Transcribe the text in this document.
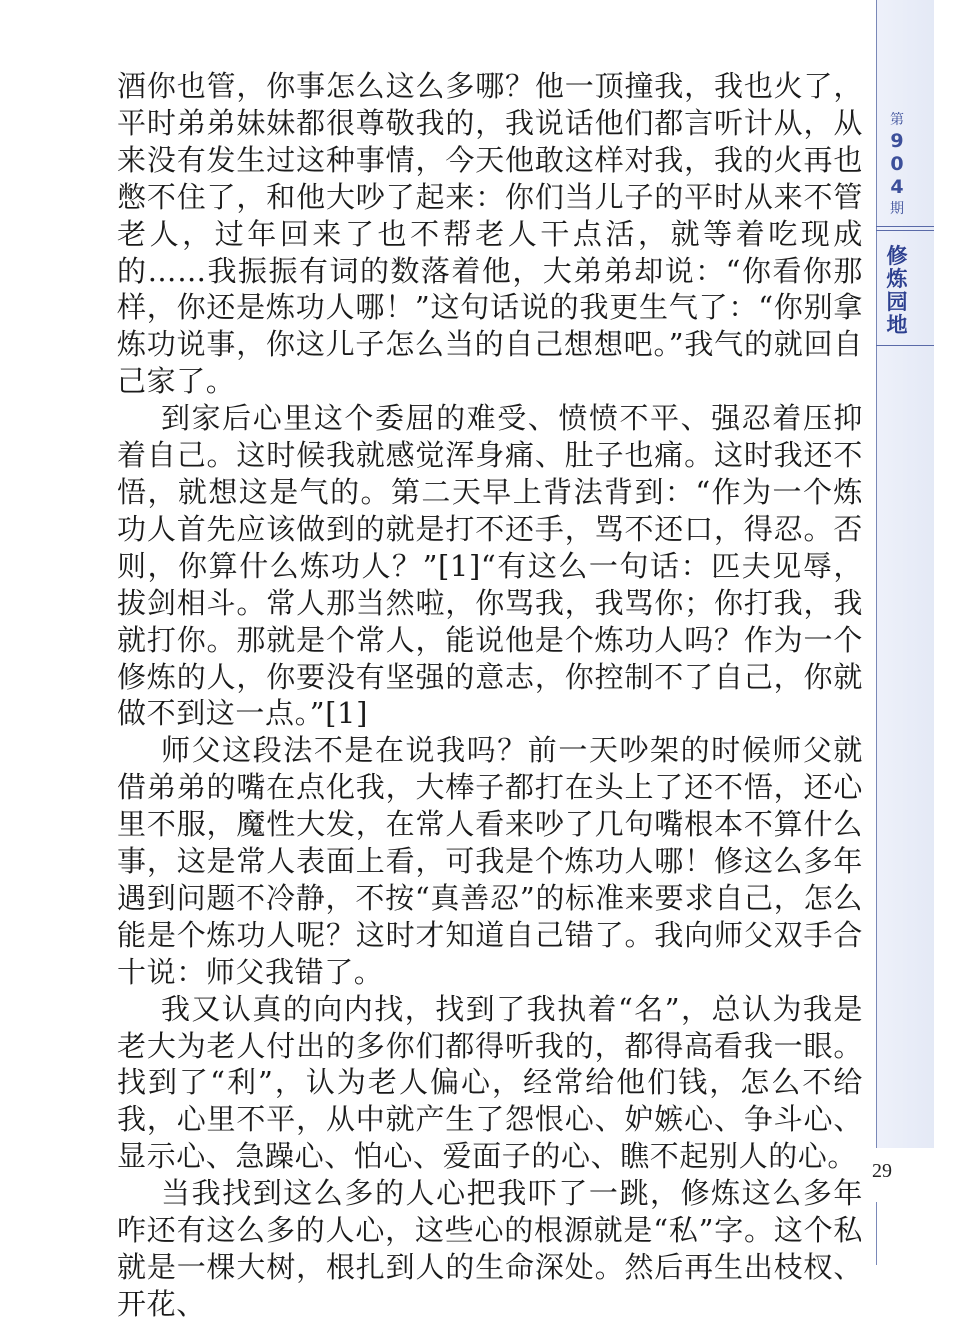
酒你也管，你事怎么这么多哪？他一顶撞我，我也火了，平时弟弟妹妹都很尊敬我的，我说话他们都言听计从，从来没有发生过这种事情，今天他敢这样对我，我的火再也憋不住了，和他大吵了起来：你们当儿子的平时从来不管老人，过年回来了也不帮老人干点活，就等着吃现成的……我振振有词的数落着他，大弟弟却说：“你看你那样，你还是炼功人哪！”这句话说的我更生气了：“你别拿炼功说事，你这儿子怎么当的自己想想吧。”我气的就回自己家了。

到家后心里这个委屈的难受、愤愤不平、强忍着压抑着自己。这时候我就感觉浑身痛、肚子也痛。这时我还不悟，就想这是气的。第二天早上背法背到：“作为一个炼功人首先应该做到的就是打不还手，骂不还口，得忍。否则，你算什么炼功人？”[1]“有这么一句话：匹夫见辱，拔剑相斗。常人那当然啦，你骂我，我骂你；你打我，我就打你。那就是个常人，能说他是个炼功人吗？作为一个修炼的人，你要没有坚强的意志，你控制不了自己，你就做不到这一点。”[1]

师父这段法不是在说我吗？前一天吵架的时候师父就借弟弟的嘴在点化我，大棒子都打在头上了还不悟，还心里不服，魔性大发，在常人看来吵了几句嘴根本不算什么事，这是常人表面上看，可我是个炼功人哪！修这么多年遇到问题不冷静，不按“真善忍”的标准来要求自己，怎么能是个炼功人呢？这时才知道自己错了。我向师父双手合十说：师父我错了。

我又认真的向内找，找到了我执着“名”，总认为我是老大为老人付出的多你们都得听我的，都得高看我一眼。找到了“利”，认为老人偏心，经常给他们钱，怎么不给我，心里不平，从中就产生了怨恨心、妒嫉心、争斗心、显示心、急躁心、怕心、爱面子的心、瞧不起别人的心。

当我找到这么多的人心把我吓了一跳，修炼这么多年咋还有这么多的人心，这些心的根源就是“私”字。这个私就是一棵大树，根扎到人的生命深处。然后再生出枝杈、开花、

第
9
0
4
期
修
炼
园
地
29
